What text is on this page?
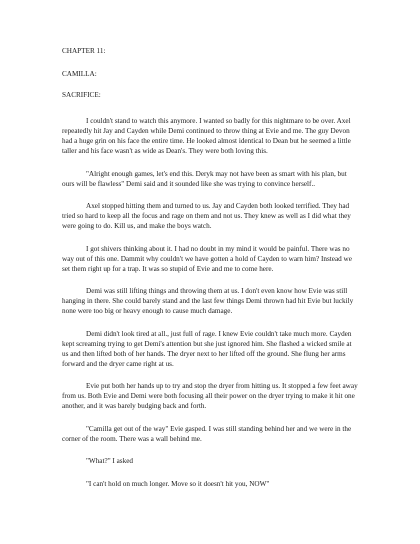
CHAPTER 11:

CAMILLA:

SACRIFICE:

I couldn't stand to watch this anymore. I wanted so badly for this nightmare to be over. Axel repeatedly hit Jay and Cayden while Demi continued to throw thing at Evie and me. The guy Devon had a huge grin on his face the entire time. He looked almost identical to Dean but he seemed a little taller and his face wasn't as wide as Dean's. They were both loving this.

"Alright enough games, let's end this. Deryk may not have been as smart with his plan, but ours will be flawless" Demi said and it sounded like she was trying to convince herself..

Axel stopped hitting them and turned to us. Jay and Cayden both looked terrified. They had tried so hard to keep all the focus and rage on them and not us. They knew as well as I did what they were going to do. Kill us, and make the boys watch.

I got shivers thinking about it. I had no doubt in my mind it would be painful. There was no way out of this one. Dammit why couldn't we have gotten a hold of Cayden to warn him? Instead we set them right up for a trap. It was so stupid of Evie and me to come here.

Demi was still lifting things and throwing them at us. I don't even know how Evie was still hanging in there. She could barely stand and the last few things Demi thrown had hit Evie but luckily none were too big or heavy enough to cause much damage.

Demi didn't look tired at all., just full of rage. I knew Evie couldn't take much more. Cayden kept screaming trying to get Demi's attention but she just ignored him. She flashed a wicked smile at us and then lifted both of her hands. The dryer next to her lifted off the ground. She flung her arms forward and the dryer came right at us.

Evie put both her hands up to try and stop the dryer from hitting us. It stopped a few feet away from us. Both Evie and Demi were both focusing all their power on the dryer trying to make it hit one another, and it was barely budging back and forth.

"Camilla get out of the way" Evie gasped. I was still standing behind her and we were in the corner of the room. There was a wall behind me.

"What?" I asked

"I can't hold on much longer. Move so it doesn't hit you, NOW"
